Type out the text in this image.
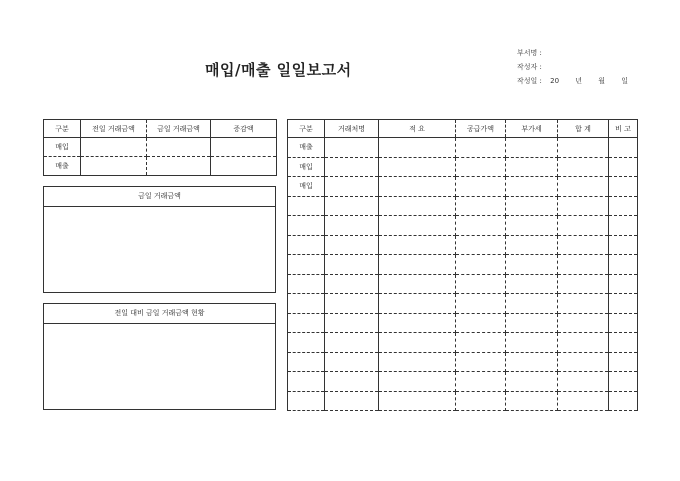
매입/매출 일일보고서
부서명 :
작성자 :
작성일 : 20 년 월 일
구분	전일 거래금액	금일 거래금액	증감액
매입			
매출			
금일 거래금액
전일 대비 금일 거래금액 현황
구분	거래처명	적 요	공급가액	부가세	합 계	비 고
매출						
매입						
매입						
